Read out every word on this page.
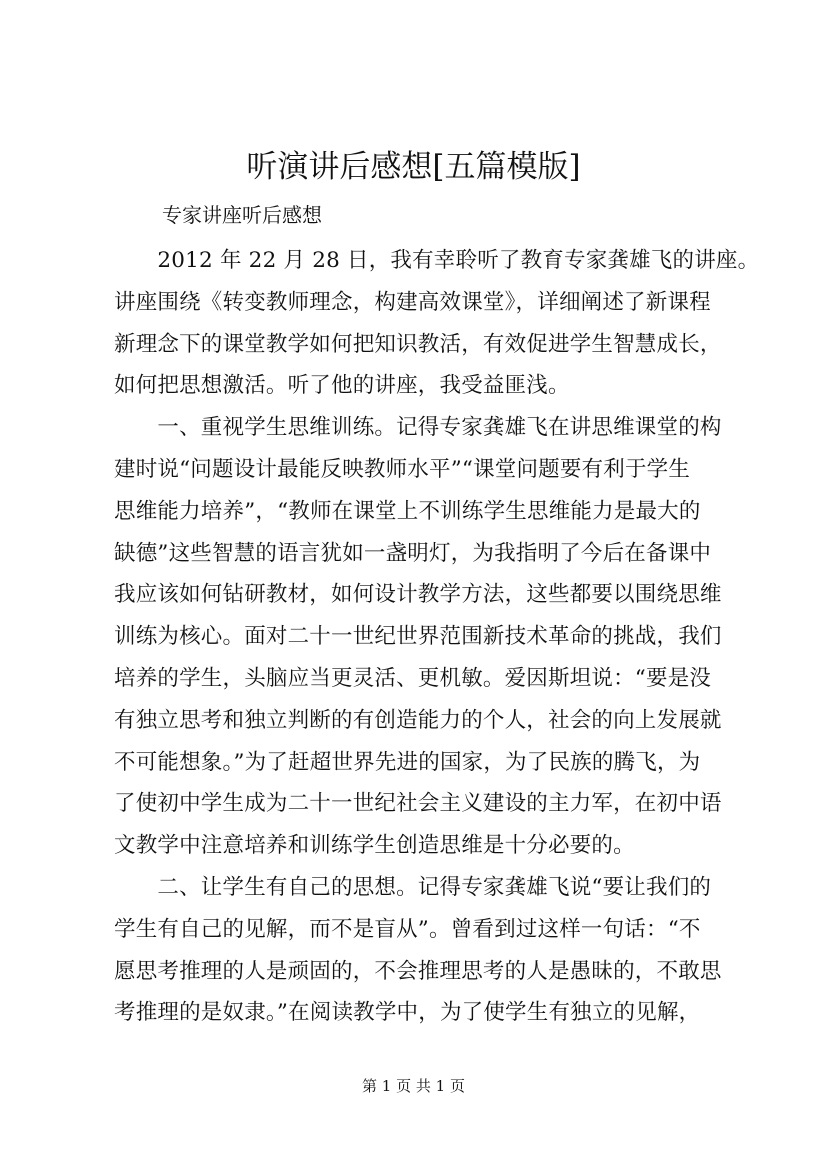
听演讲后感想[五篇模版]
专家讲座听后感想
　　2012 年 22 月 28 日，我有幸聆听了教育专家龚雄飞的讲座。
讲座围绕《转变教师理念，构建高效课堂》，详细阐述了新课程
新理念下的课堂教学如何把知识教活，有效促进学生智慧成长，
如何把思想激活。听了他的讲座，我受益匪浅。
　　一、重视学生思维训练。记得专家龚雄飞在讲思维课堂的构
建时说“问题设计最能反映教师水平”“课堂问题要有利于学生
思维能力培养”，“教师在课堂上不训练学生思维能力是最大的
缺德”这些智慧的语言犹如一盏明灯，为我指明了今后在备课中
我应该如何钻研教材，如何设计教学方法，这些都要以围绕思维
训练为核心。面对二十一世纪世界范围新技术革命的挑战，我们
培养的学生，头脑应当更灵活、更机敏。爱因斯坦说：“要是没
有独立思考和独立判断的有创造能力的个人，社会的向上发展就
不可能想象。”为了赶超世界先进的国家，为了民族的腾飞，为
了使初中学生成为二十一世纪社会主义建设的主力军，在初中语
文教学中注意培养和训练学生创造思维是十分必要的。
　　二、让学生有自己的思想。记得专家龚雄飞说“要让我们的
学生有自己的见解，而不是盲从”。曾看到过这样一句话：“不
愿思考推理的人是顽固的，不会推理思考的人是愚昧的，不敢思
考推理的是奴隶。”在阅读教学中，为了使学生有独立的见解，
第 1 页 共 1 页
